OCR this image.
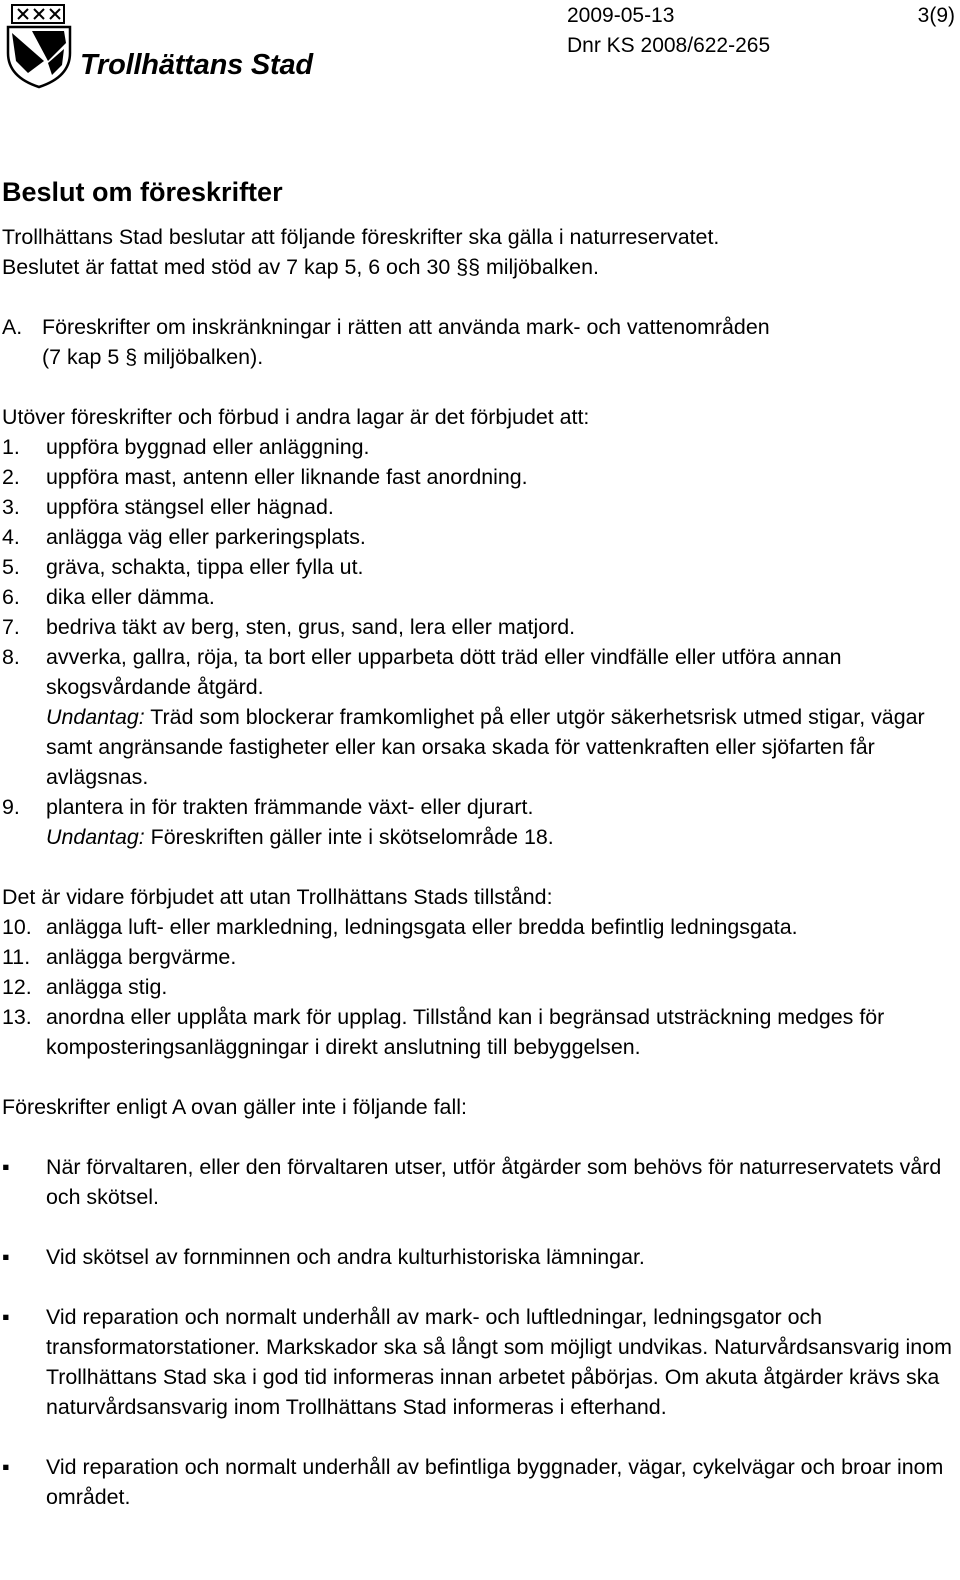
Trollhättans Stad
2009-05-13	3(9)
Dnr KS 2008/622-265
Beslut om föreskrifter

Trollhättans Stad beslutar att följande föreskrifter ska gälla i naturreservatet.

Beslutet är fattat med stöd av 7 kap 5, 6 och 30 §§ miljöbalken.

A. Föreskrifter om inskränkningar i rätten att använda mark- och vattenområden

(7 kap 5 § miljöbalken).

Utöver föreskrifter och förbud i andra lagar är det förbjudet att:

1.	uppföra byggnad eller anläggning.
2.	uppföra mast, antenn eller liknande fast anordning.
3.	uppföra stängsel eller hägnad.
4.	anlägga väg eller parkeringsplats.
5.	gräva, schakta, tippa eller fylla ut.
6.	dika eller dämma.
7.	bedriva täkt av berg, sten, grus, sand, lera eller matjord.
8.	avverka, gallra, röja, ta bort eller upparbeta dött träd eller vindfälle eller utföra annan skogsvårdande åtgärd.

Undantag: Träd som blockerar framkomlighet på eller utgör säkerhetsrisk utmed stigar, vägar samt angränsande fastigheter eller kan orsaka skada för vattenkraften eller sjöfarten får avlägsnas.

9.	plantera in för trakten främmande växt- eller djurart.

Undantag: Föreskriften gäller inte i skötselområde 18.

Det är vidare förbjudet att utan Trollhättans Stads tillstånd:

10. anlägga luft- eller markledning, ledningsgata eller bredda befintlig ledningsgata.
11. anlägga bergvärme.
12. anlägga stig.
13. anordna eller upplåta mark för upplag. Tillstånd kan i begränsad utsträckning medges för komposteringsanläggningar i direkt anslutning till bebyggelsen.

Föreskrifter enligt A ovan gäller inte i följande fall:

▪	När förvaltaren, eller den förvaltaren utser, utför åtgärder som behövs för naturreservatets vård och skötsel.
▪	Vid skötsel av fornminnen och andra kulturhistoriska lämningar.
▪	Vid reparation och normalt underhåll av mark- och luftledningar, ledningsgator och transformatorstationer. Markskador ska så långt som möjligt undvikas. Naturvårdsansvarig inom Trollhättans Stad ska i god tid informeras innan arbetet påbörjas. Om akuta åtgärder krävs ska naturvårdsansvarig inom Trollhättans Stad informeras i efterhand.
▪	Vid reparation och normalt underhåll av befintliga byggnader, vägar, cykelvägar och broar inom området.
